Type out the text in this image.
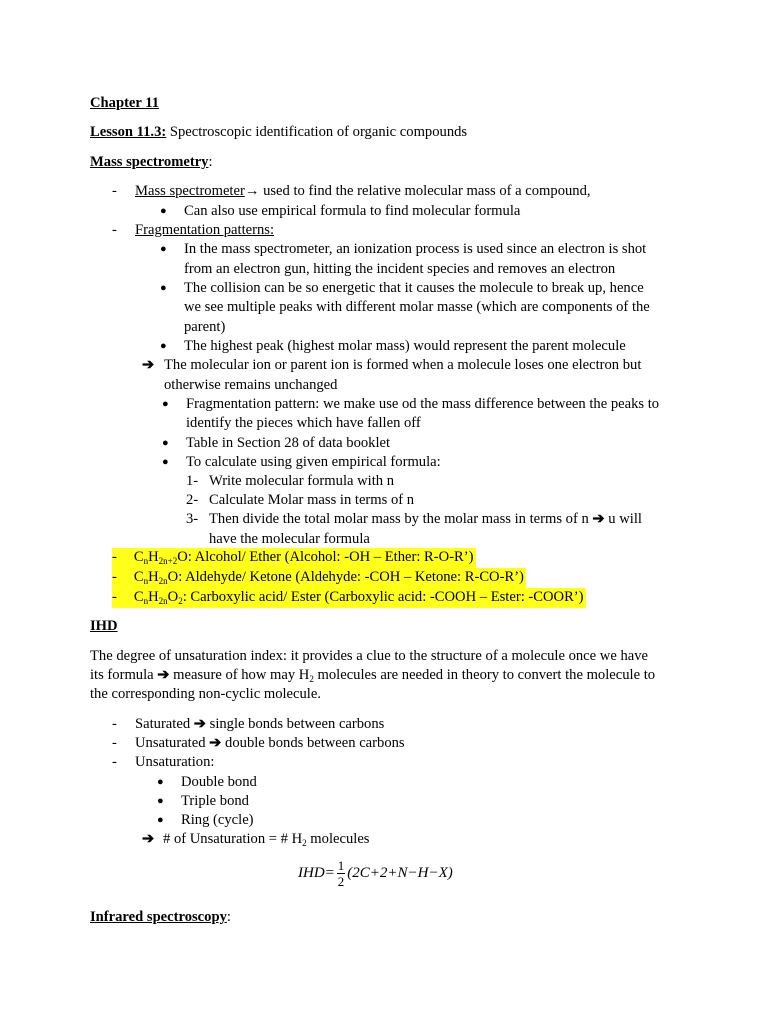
Chapter 11
Lesson 11.3: Spectroscopic identification of organic compounds
Mass spectrometry:
- Mass spectrometer→ used to find the relative molecular mass of a compound,
● Can also use empirical formula to find molecular formula
- Fragmentation patterns:
● In the mass spectrometer, an ionization process is used since an electron is shot
from an electron gun, hitting the incident species and removes an electron
● The collision can be so energetic that it causes the molecule to break up, hence
we see multiple peaks with different molar masse (which are components of the
parent)
● The highest peak (highest molar mass) would represent the parent molecule
➔ The molecular ion or parent ion is formed when a molecule loses one electron but
otherwise remains unchanged
● Fragmentation pattern: we make use od the mass difference between the peaks to
identify the pieces which have fallen off
● Table in Section 28 of data booklet
● To calculate using given empirical formula:
1- Write molecular formula with n
2- Calculate Molar mass in terms of n
3- Then divide the total molar mass by the molar mass in terms of n ➔ u will
have the molecular formula
- $C_nH_{2n+2}O$: Alcohol/ Ether (Alcohol: -OH – Ether: R-O-R’)
- $C_nH_{2n}O$: Aldehyde/ Ketone (Aldehyde: -COH – Ketone: R-CO-R’)
- $C_nH_{2n}O_2$: Carboxylic acid/ Ester (Carboxylic acid: -COOH – Ester: -COOR’)
IHD
The degree of unsaturation index: it provides a clue to the structure of a molecule once we have
its formula ➔ measure of how may $H_2$ molecules are needed in theory to convert the molecule to
the corresponding non-cyclic molecule.
- Saturated ➔ single bonds between carbons
- Unsaturated ➔ double bonds between carbons
- Unsaturation:
● Double bond
● Triple bond
● Ring (cycle)
➔ # of Unsaturation = # $H_2$ molecules
$IHD= \frac{1}{2} (2C+2+N-H-X)$
Infrared spectroscopy:
